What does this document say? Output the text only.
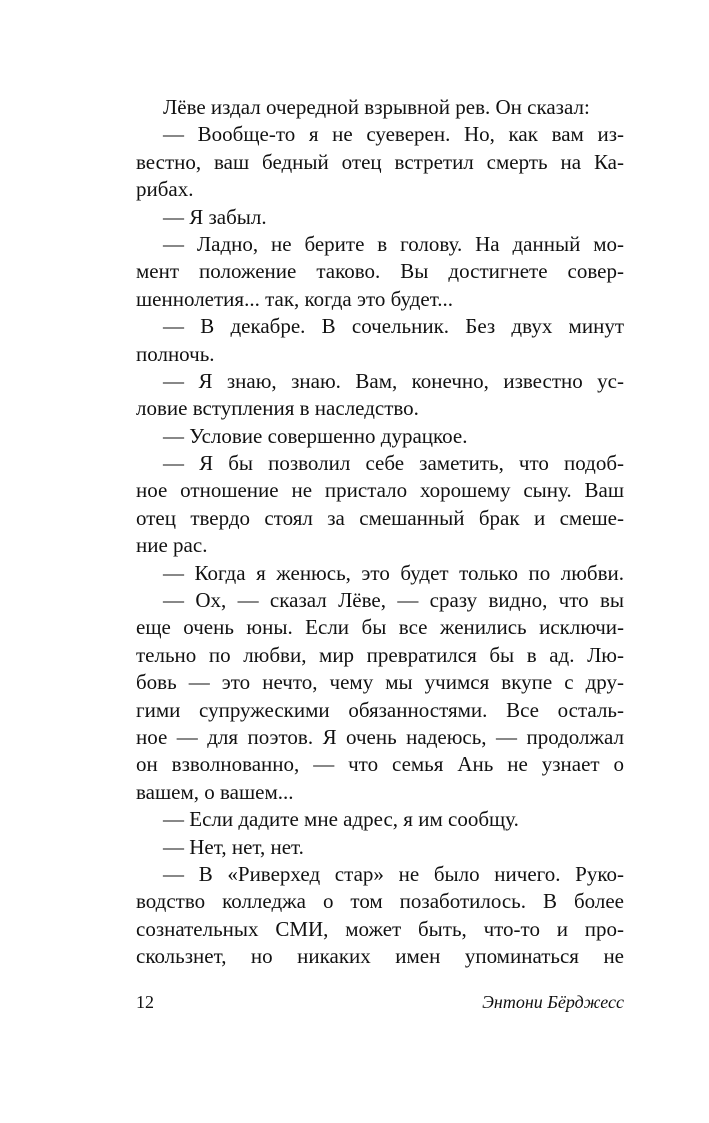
Лёве издал очередной взрывной рев. Он сказал:
— Вообще-то я не суеверен. Но, как вам из-
вестно, ваш бедный отец встретил смерть на Ка-
рибах.
— Я забыл.
— Ладно, не берите в голову. На данный мо-
мент положение таково. Вы достигнете совер-
шеннолетия... так, когда это будет...
— В декабре. В сочельник. Без двух минут
полночь.
— Я знаю, знаю. Вам, конечно, известно ус-
ловие вступления в наследство.
— Условие совершенно дурацкое.
— Я бы позволил себе заметить, что подоб-
ное отношение не пристало хорошему сыну. Ваш
отец твердо стоял за смешанный брак и смеше-
ние рас.
— Когда я женюсь, это будет только по любви.
— Ох, — сказал Лёве, — сразу видно, что вы
еще очень юны. Если бы все женились исключи-
тельно по любви, мир превратился бы в ад. Лю-
бовь — это нечто, чему мы учимся вкупе с дру-
гими супружескими обязанностями. Все осталь-
ное — для поэтов. Я очень надеюсь, — продолжал
он взволнованно, — что семья Ань не узнает о
вашем, о вашем...
— Если дадите мне адрес, я им сообщу.
— Нет, нет, нет.
— В «Риверхед стар» не было ничего. Руко-
водство колледжа о том позаботилось. В более
сознательных СМИ, может быть, что-то и про-
скользнет, но никаких имен упоминаться не
12	Энтони Бёрджесс
